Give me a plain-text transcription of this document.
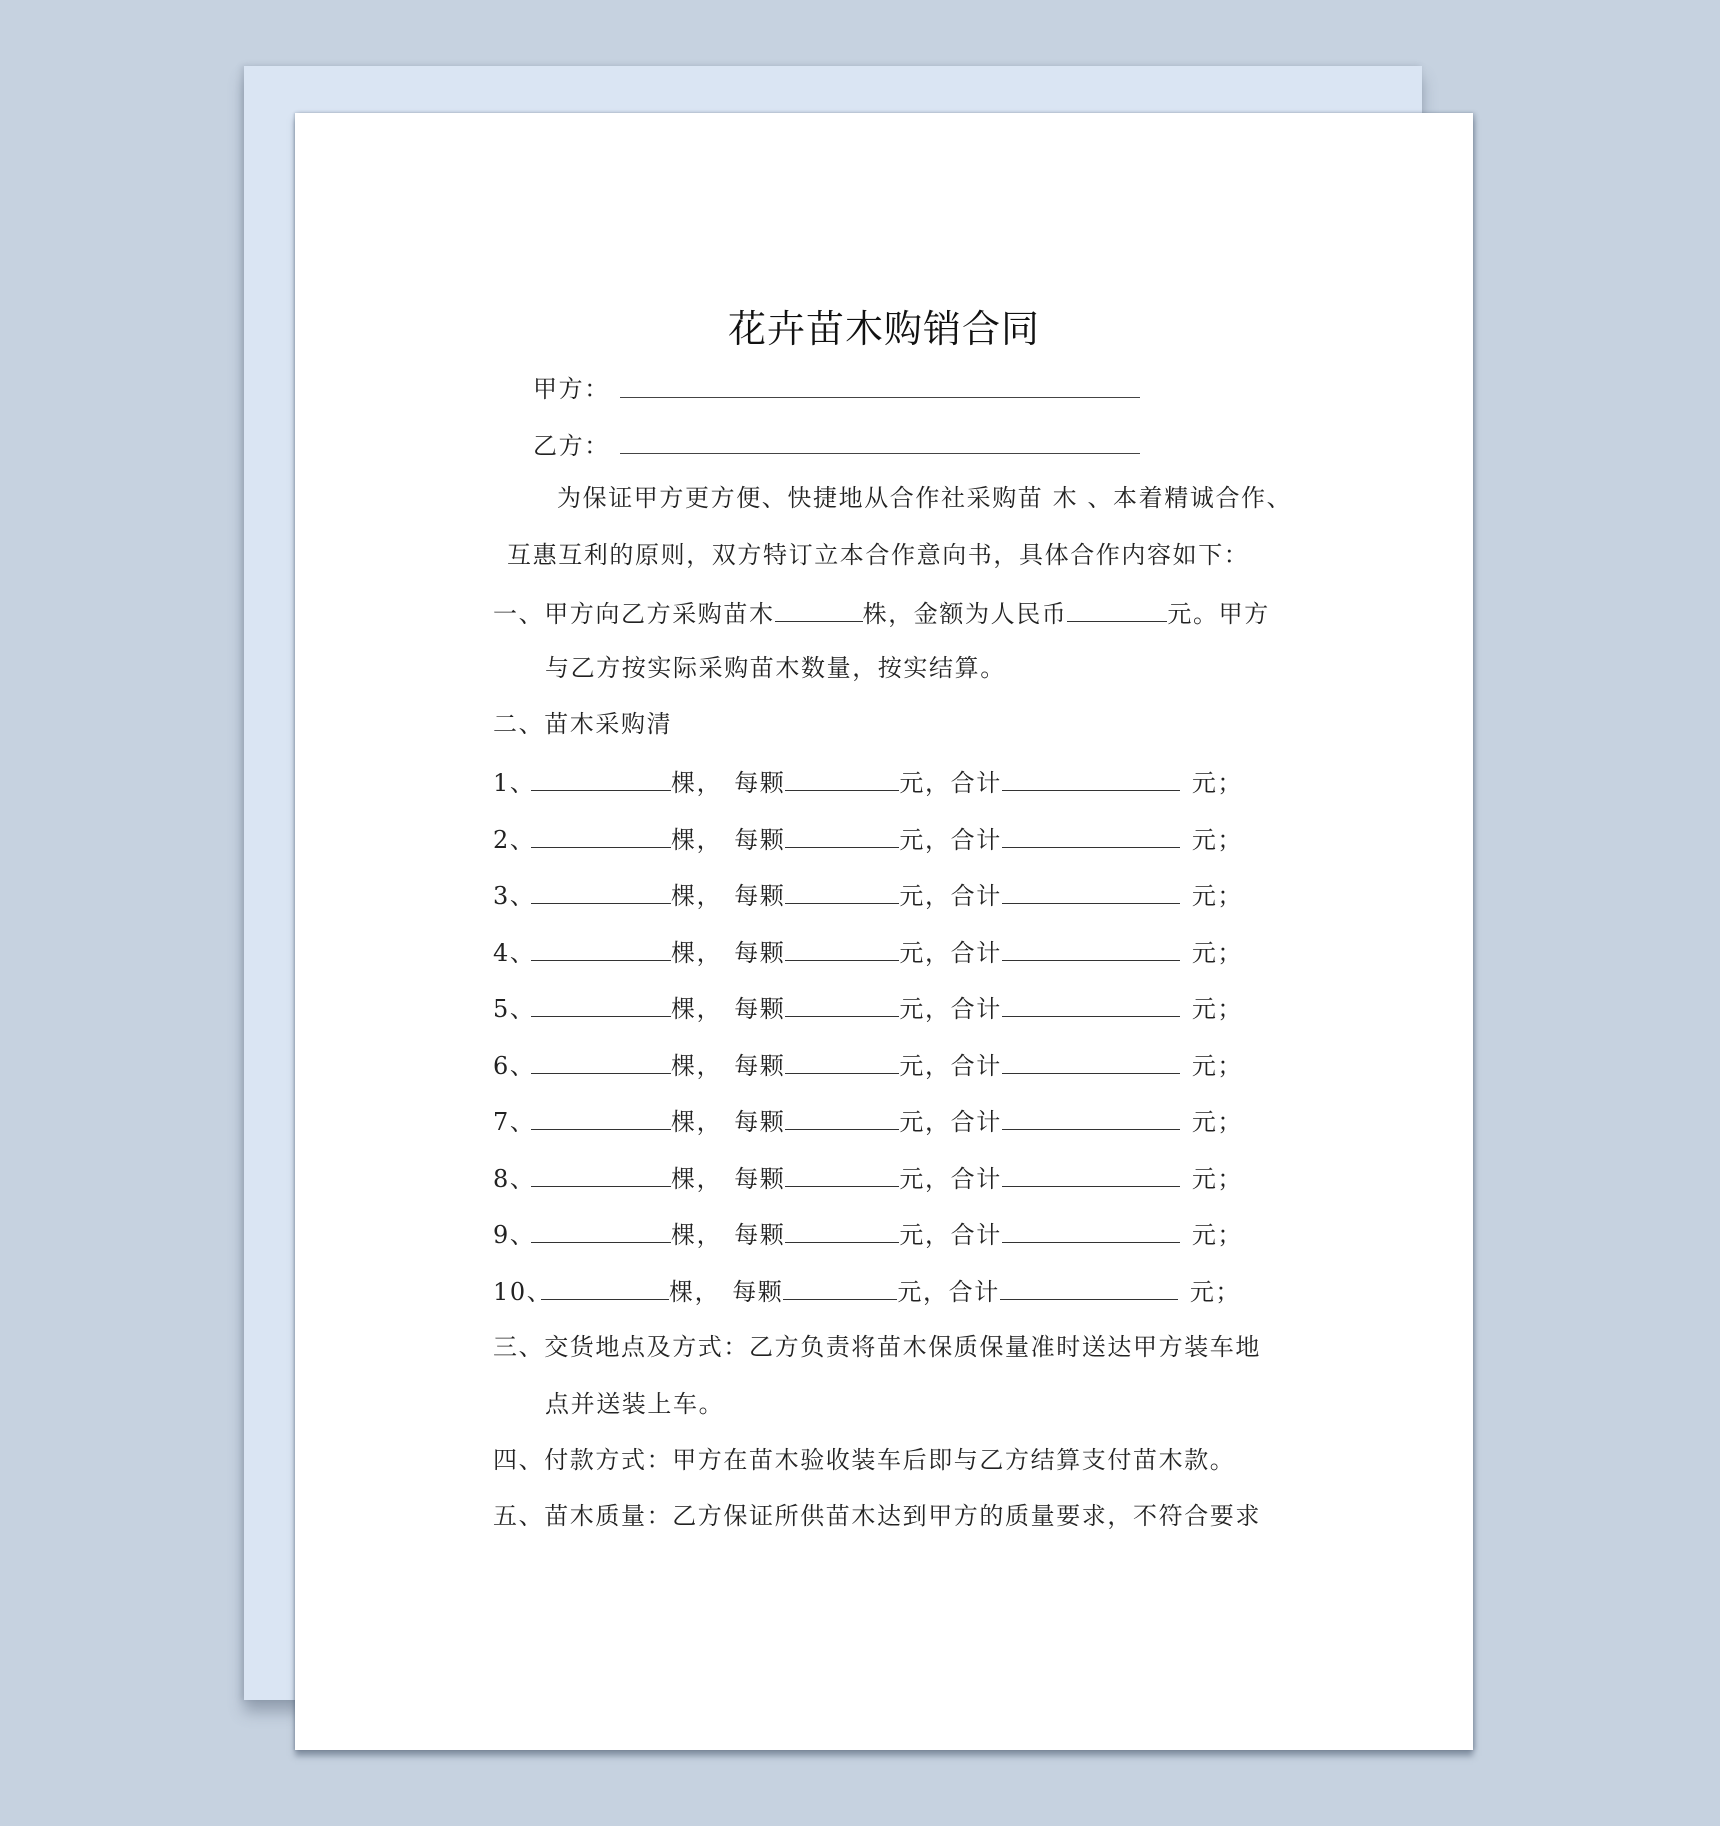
花卉苗木购销合同
甲方：
乙方：
为保证甲方更方便、快捷地从合作社采购苗 木 、本着精诚合作、
互惠互利的原则，双方特订立本合作意向书，具体合作内容如下：
一、甲方向乙方采购苗木	株，金额为人民币	元。甲方
与乙方按实际采购苗木数量，按实结算。
二、苗木采购清
1、	棵， 每颗	元，合计	元；
2、	棵， 每颗	元，合计	元；
3、	棵， 每颗	元，合计	元；
4、	棵， 每颗	元，合计	元；
5、	棵， 每颗	元，合计	元；
6、	棵， 每颗	元，合计	元；
7、	棵， 每颗	元，合计	元；
8、	棵， 每颗	元，合计	元；
9、	棵， 每颗	元，合计	元；
10、	棵， 每颗	元，合计	元；
三、交货地点及方式：乙方负责将苗木保质保量准时送达甲方装车地
点并送装上车。
四、付款方式：甲方在苗木验收装车后即与乙方结算支付苗木款。
五、苗木质量：乙方保证所供苗木达到甲方的质量要求，不符合要求
